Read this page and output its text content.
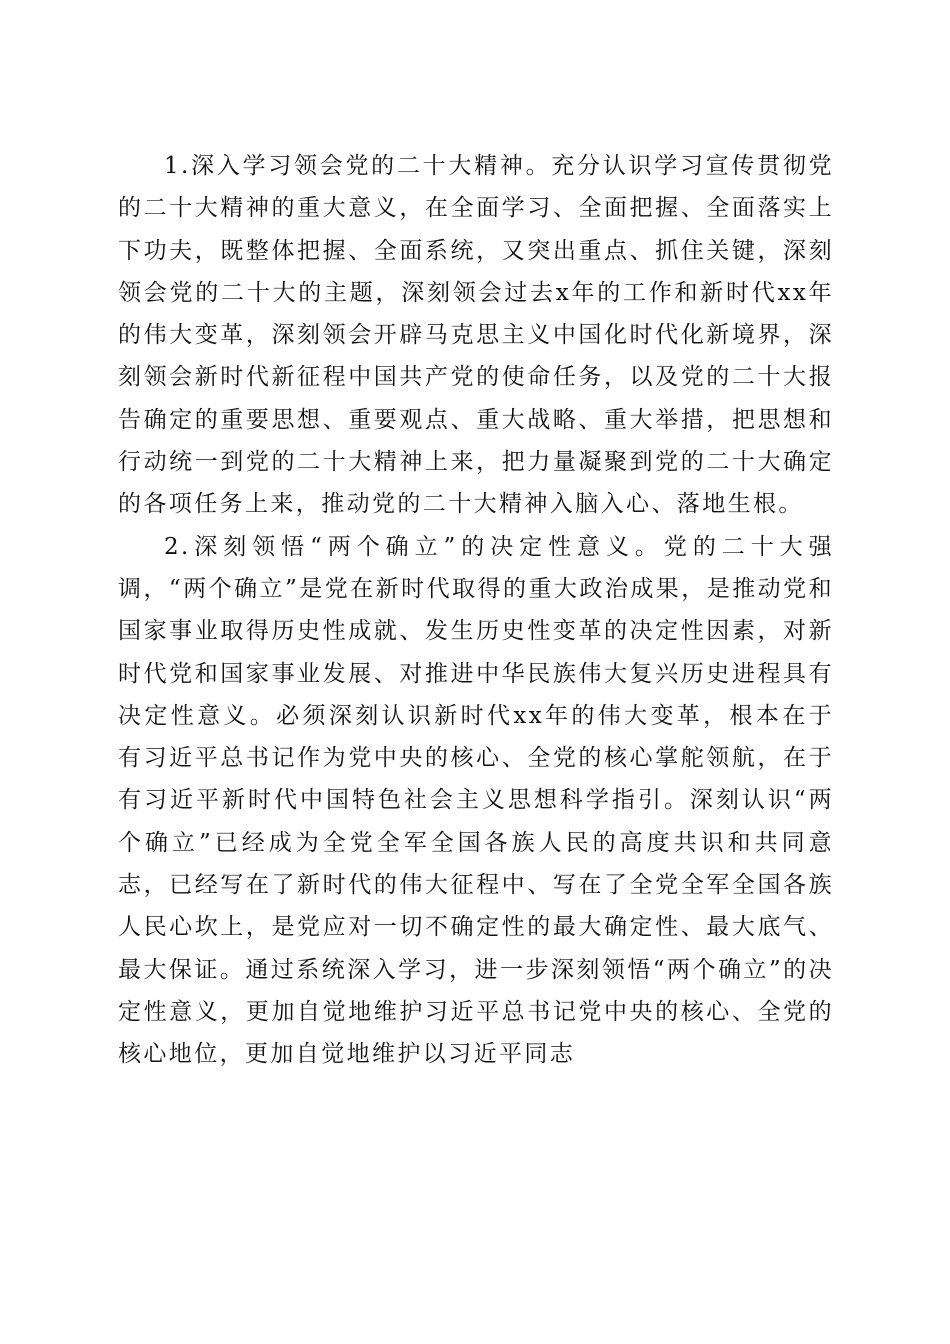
1.深入学习领会党的二十大精神。充分认识学习宣传贯彻党的二十大精神的重大意义，在全面学习、全面把握、全面落实上下功夫，既整体把握、全面系统，又突出重点、抓住关键，深刻领会党的二十大的主题，深刻领会过去x年的工作和新时代xx年的伟大变革，深刻领会开辟马克思主义中国化时代化新境界，深刻领会新时代新征程中国共产党的使命任务，以及党的二十大报告确定的重要思想、重要观点、重大战略、重大举措，把思想和行动统一到党的二十大精神上来，把力量凝聚到党的二十大确定的各项任务上来，推动党的二十大精神入脑入心、落地生根。

2.深刻领悟“两个确立”的决定性意义。党的二十大强调，“两个确立”是党在新时代取得的重大政治成果，是推动党和国家事业取得历史性成就、发生历史性变革的决定性因素，对新时代党和国家事业发展、对推进中华民族伟大复兴历史进程具有决定性意义。必须深刻认识新时代xx年的伟大变革，根本在于有习近平总书记作为党中央的核心、全党的核心掌舵领航，在于有习近平新时代中国特色社会主义思想科学指引。深刻认识“两个确立”已经成为全党全军全国各族人民的高度共识和共同意志，已经写在了新时代的伟大征程中、写在了全党全军全国各族人民心坎上，是党应对一切不确定性的最大确定性、最大底气、最大保证。通过系统深入学习，进一步深刻领悟“两个确立”的决定性意义，更加自觉地维护习近平总书记党中央的核心、全党的核心地位，更加自觉地维护以习近平同志
